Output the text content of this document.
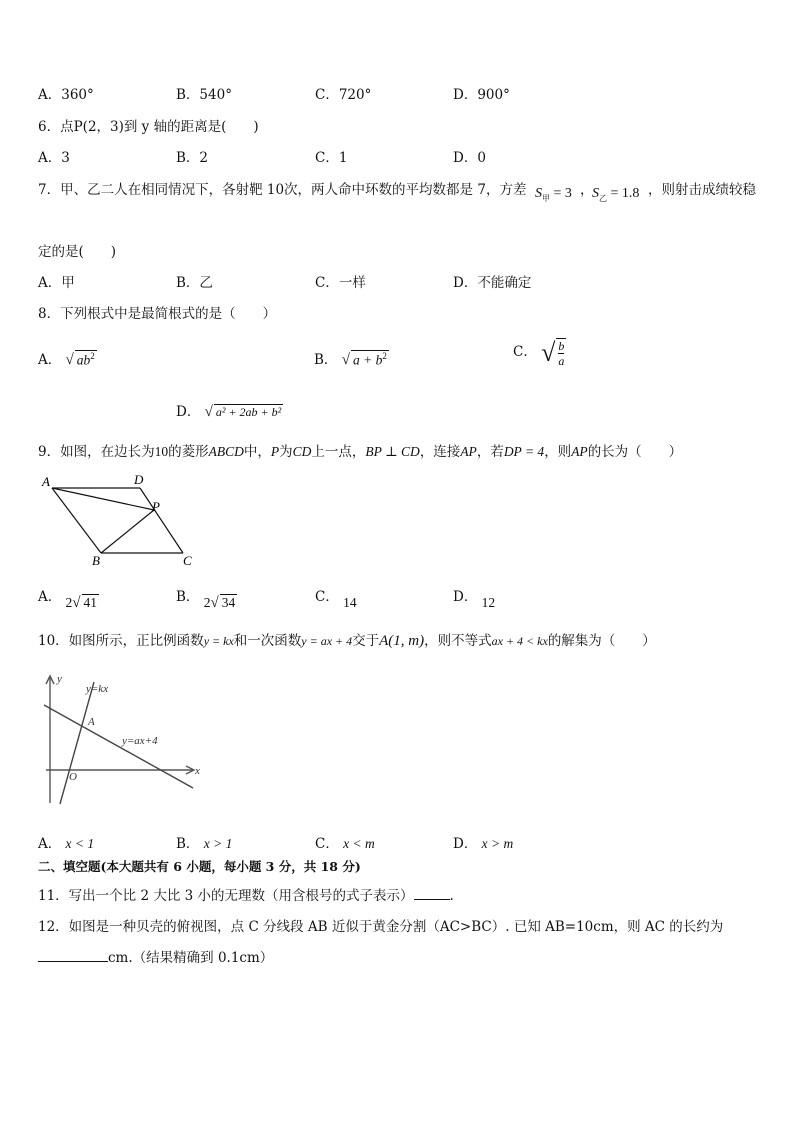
A．360°	B．540°	C．720°	D．900°
6．点P(2，3)到 y 轴的距离是(　　)
A．3	B．2	C．1	D．0
7．甲、乙二人在相同情况下，各射靶 10次，两人命中环数的平均数都是 7，方差 $S_甲 = 3$ ，
$S_乙 = 1.8$ ，则射击成绩较稳
定的是(　　)
A．甲	B．乙	C．一样	D．不能确定
8．下列根式中是最简根式的是（　　）
A． √ $ab^2$	B． √ $a + b^2$	C． √ $\frac{b}{a}$
D． √ a² + 2ab + b²
9．如图，在边长为10的菱形ABCD中，P为CD上一点，BP ⊥ CD，连接AP，若DP = 4，则AP的长为（　　）
A	D
P
B	C
A． 2√ 41	B． 2√ 34	C． 14	D． 12
10．如图所示，正比例函数y = kx和一次函数y = ax + 4交于A(1, m)，则不等式ax + 4 < kx的解集为（　　）
y
x
O
A
y=kx
y=ax+4
A． x < 1	B． x > 1	C． x < m	D． x > m
二、填空题(本大题共有 6 小题，每小题 3 分，共 18 分)
11．写出一个比 2 大比 3 小的无理数（用含根号的式子表示）	.
12．如图是一种贝壳的俯视图，点 C 分线段 AB 近似于黄金分割（AC>BC）. 已知 AB=10cm，则 AC 的长约为
cm.（结果精确到 0.1cm）
